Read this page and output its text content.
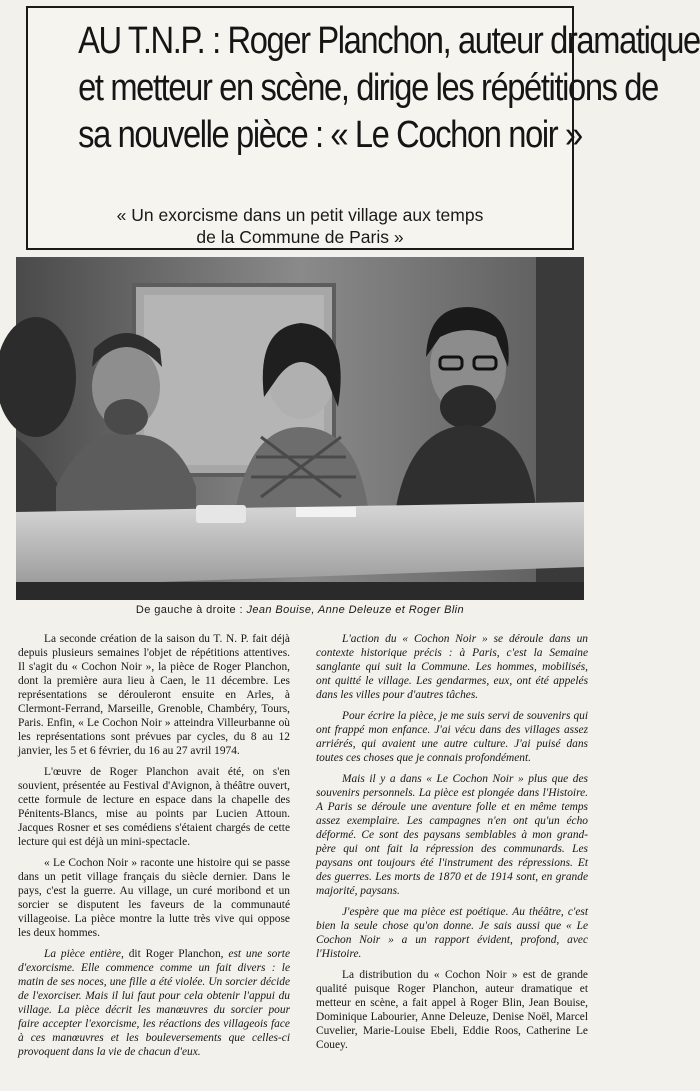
AU T.N.P. : Roger Planchon, auteur dramatique
et metteur en scène, dirige les répétitions de
sa nouvelle pièce : « Le Cochon noir »
« Un exorcisme dans un petit village aux temps
de la Commune de Paris »
De gauche à droite : Jean Bouise, Anne Deleuze et Roger Blin

La seconde création de la saison du T. N. P. fait déjà depuis plusieurs semaines l'objet de répétitions attentives. Il s'agit du « Cochon Noir », la pièce de Roger Planchon, dont la première aura lieu à Caen, le 11 décembre. Les représentations se dérouleront ensuite en Arles, à Clermont-Ferrand, Marseille, Grenoble, Chambéry, Tours, Paris. Enfin, « Le Cochon Noir » atteindra Villeurbanne où les représentations sont prévues par cycles, du 8 au 12 janvier, les 5 et 6 février, du 16 au 27 avril 1974.

L'œuvre de Roger Planchon avait été, on s'en souvient, présentée au Festival d'Avignon, à théâtre ouvert, cette formule de lecture en espace dans la chapelle des Pénitents-Blancs, mise au points par Lucien Attoun. Jacques Rosner et ses comédiens s'étaient chargés de cette lecture qui est déjà un mini-spectacle.

« Le Cochon Noir » raconte une histoire qui se passe dans un petit village français du siècle dernier. Dans le pays, c'est la guerre. Au village, un curé moribond et un sorcier se disputent les faveurs de la communauté villageoise. La pièce montre la lutte très vive qui oppose les deux hommes.

La pièce entière, dit Roger Planchon, est une sorte d'exorcisme. Elle commence comme un fait divers : le matin de ses noces, une fille a été violée. Un sorcier décide de l'exorciser. Mais il lui faut pour cela obtenir l'appui du village. La pièce décrit les manœuvres du sorcier pour faire accepter l'exorcisme, les réactions des villageois face à ces manœuvres et les bouleversements que celles-ci provoquent dans la vie de chacun d'eux.

L'action du « Cochon Noir » se déroule dans un contexte historique précis : à Paris, c'est la Semaine sanglante qui suit la Commune. Les hommes, mobilisés, ont quitté le village. Les gendarmes, eux, ont été appelés dans les villes pour d'autres tâches.

Pour écrire la pièce, je me suis servi de souvenirs qui ont frappé mon enfance. J'ai vécu dans des villages assez arriérés, qui avaient une autre culture. J'ai puisé dans toutes ces choses que je connais profondément.

Mais il y a dans « Le Cochon Noir » plus que des souvenirs personnels. La pièce est plongée dans l'Histoire. A Paris se déroule une aventure folle et en même temps assez exemplaire. Les campagnes n'en ont qu'un écho déformé. Ce sont des paysans semblables à mon grand-père qui ont fait la répression des communards. Les paysans ont toujours été l'instrument des répressions. Et des guerres. Les morts de 1870 et de 1914 sont, en grande majorité, paysans.

J'espère que ma pièce est poétique. Au théâtre, c'est bien la seule chose qu'on donne. Je sais aussi que « Le Cochon Noir » a un rapport évident, profond, avec l'Histoire.

La distribution du « Cochon Noir » est de grande qualité puisque Roger Planchon, auteur dramatique et metteur en scène, a fait appel à Roger Blin, Jean Bouise, Dominique Labourier, Anne Deleuze, Denise Noël, Marcel Cuvelier, Marie-Louise Ebeli, Eddie Roos, Catherine Le Couey.
